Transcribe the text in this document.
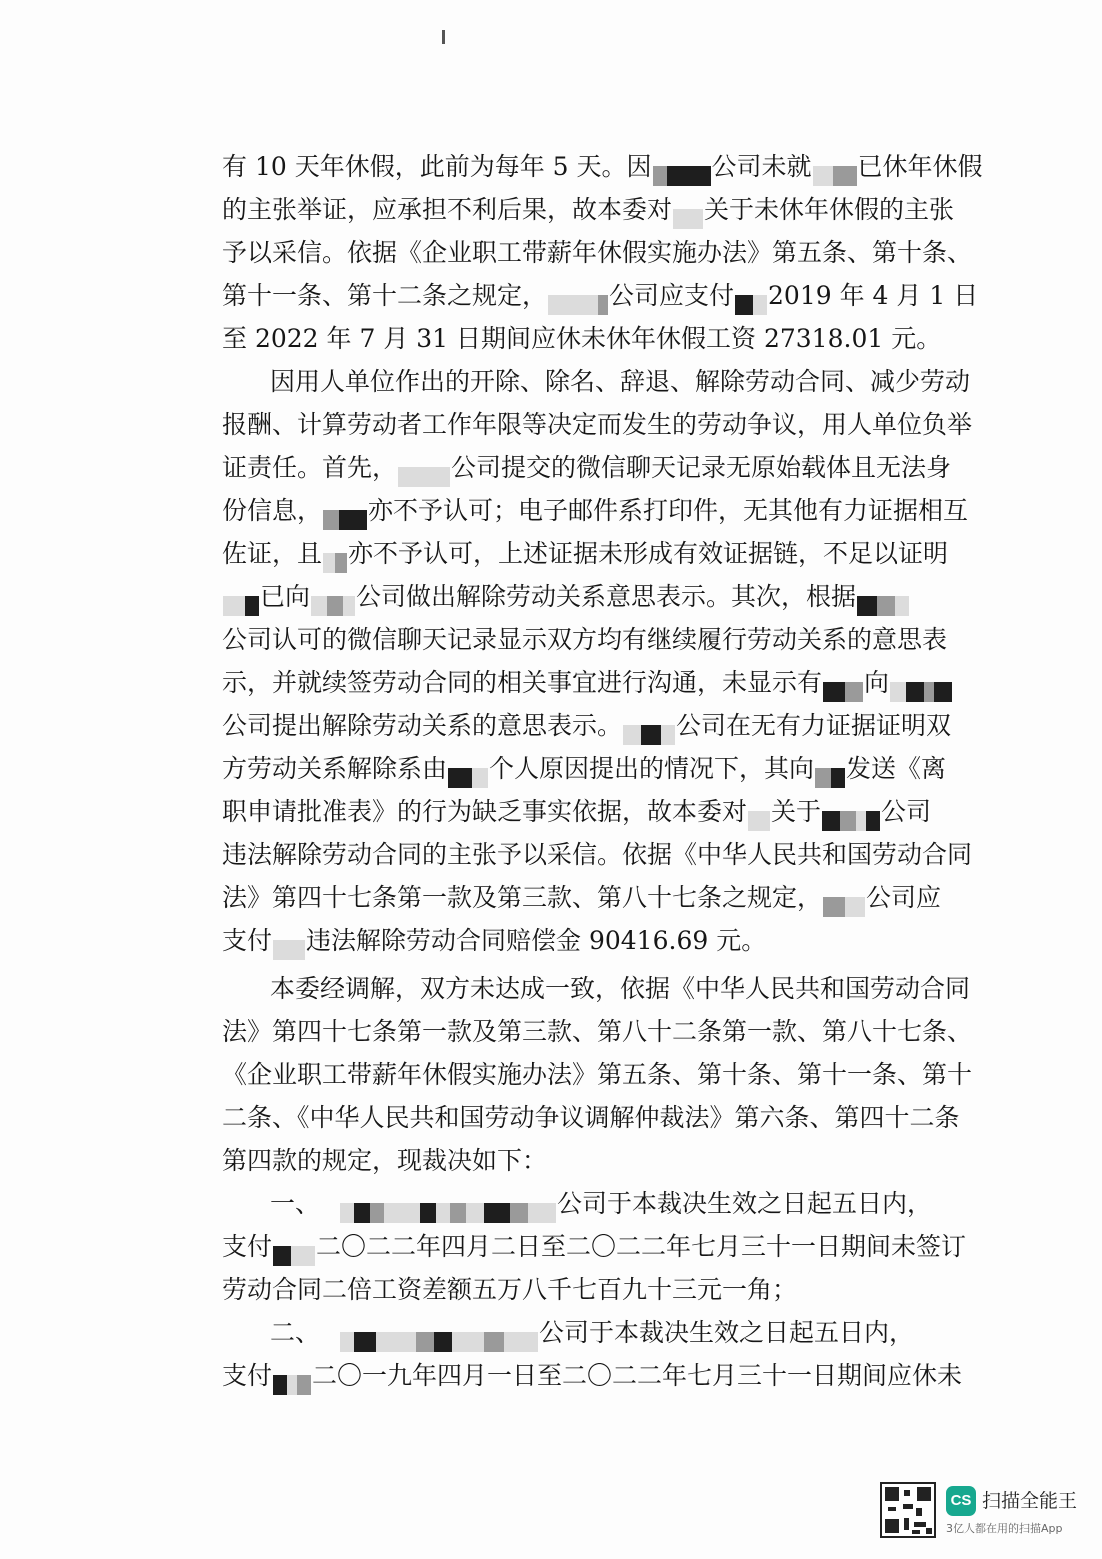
有 10 天年休假，此前为每年 5 天。因 公司未就 已休年休假
的主张举证，应承担不利后果，故本委对 关于未休年休假的主张
予以采信。依据《企业职工带薪年休假实施办法》第五条、第十条、
第十一条、第十二条之规定， 公司应支付 2019 年 4 月 1 日
至 2022 年 7 月 31 日期间应休未休年休假工资 27318.01 元。
因用人单位作出的开除、除名、辞退、解除劳动合同、减少劳动
报酬、计算劳动者工作年限等决定而发生的劳动争议，用人单位负举
证责任。首先， 公司提交的微信聊天记录无原始载体且无法身
份信息， 亦不予认可；电子邮件系打印件，无其他有力证据相互
佐证，且 亦不予认可，上述证据未形成有效证据链，不足以证明
已向 公司做出解除劳动关系意思表示。其次，根据
公司认可的微信聊天记录显示双方均有继续履行劳动关系的意思表
示，并就续签劳动合同的相关事宜进行沟通，未显示有 向
公司提出解除劳动关系的意思表示。 公司在无有力证据证明双
方劳动关系解除系由 个人原因提出的情况下，其向 发送《离
职申请批准表》的行为缺乏事实依据，故本委对 关于 公司
违法解除劳动合同的主张予以采信。依据《中华人民共和国劳动合同
法》第四十七条第一款及第三款、第八十七条之规定， 公司应
支付 违法解除劳动合同赔偿金 90416.69 元。
本委经调解，双方未达成一致，依据《中华人民共和国劳动合同
法》第四十七条第一款及第三款、第八十二条第一款、第八十七条、
《企业职工带薪年休假实施办法》第五条、第十条、第十一条、第十
二条、《中华人民共和国劳动争议调解仲裁法》第六条、第四十二条
第四款的规定，现裁决如下：
一、	公司于本裁决生效之日起五日内，
支付 二〇二二年四月二日至二〇二二年七月三十一日期间未签订
劳动合同二倍工资差额五万八千七百九十三元一角；
二、	公司于本裁决生效之日起五日内，
支付 二〇一九年四月一日至二〇二二年七月三十一日期间应休未
CS 扫描全能王
3亿人都在用的扫描App
